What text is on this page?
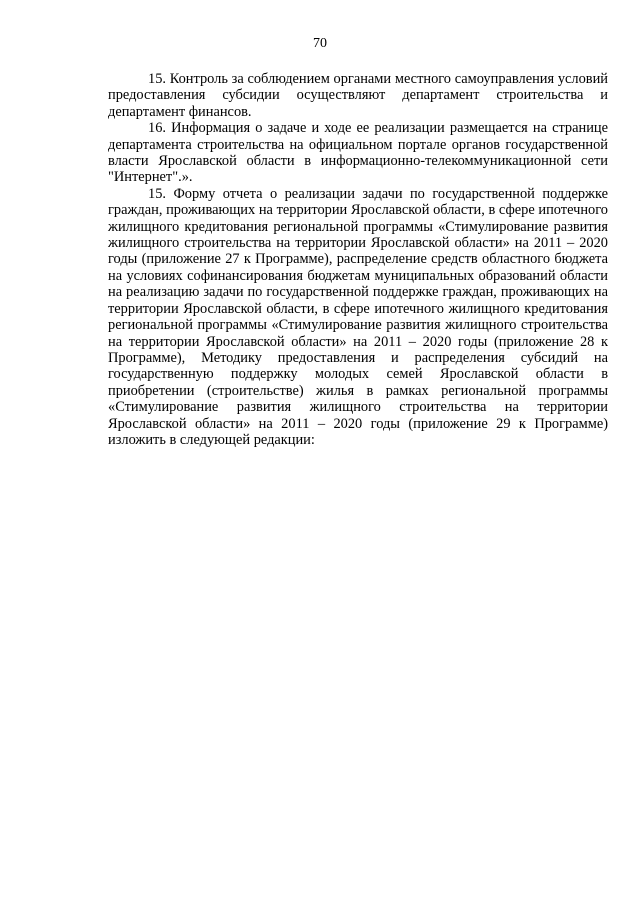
70

15. Контроль за соблюдением органами местного самоуправления условий предоставления субсидии осуществляют департамент строительства и департамент финансов.

16. Информация о задаче и ходе ее реализации размещается на странице департамента строительства на официальном портале органов государственной власти Ярославской области в информационно-телекоммуникационной сети "Интернет".».

15. Форму отчета о реализации задачи по государственной поддержке граждан, проживающих на территории Ярославской области, в сфере ипотечного жилищного кредитования региональной программы «Стимулирование развития жилищного строительства на территории Ярославской области» на 2011 – 2020 годы (приложение 27 к Программе), распределение средств областного бюджета на условиях софинансирования бюджетам муниципальных образований области на реализацию задачи по государственной поддержке граждан, проживающих на территории Ярославской области, в сфере ипотечного жилищного кредитования региональной программы «Стимулирование развития жилищного строительства на территории Ярославской области» на 2011 – 2020 годы (приложение 28 к Программе), Методику предоставления и распределения субсидий на государственную поддержку молодых семей Ярославской области в приобретении (строительстве) жилья в рамках региональной программы «Стимулирование развития жилищного строительства на территории Ярославской области» на 2011 – 2020 годы (приложение 29 к Программе) изложить в следующей редакции:
